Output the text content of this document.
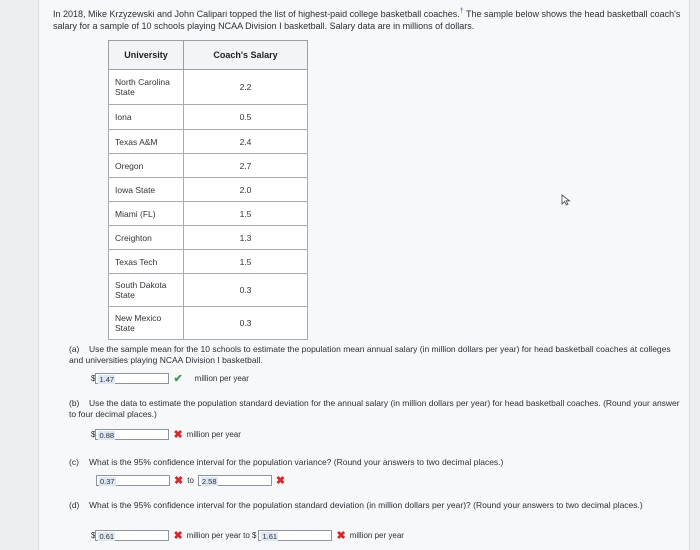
In 2018, Mike Krzyzewski and John Calipari topped the list of highest-paid college basketball coaches.† The sample below shows the head basketball coach's salary for a sample of 10 schools playing NCAA Division I basketball. Salary data are in millions of dollars.
University	Coach's Salary
North Carolina State	2.2
Iona	0.5
Texas A&M	2.4
Oregon	2.7
Iowa State	2.0
Miami (FL)	1.5
Creighton	1.3
Texas Tech	1.5
South Dakota State	0.3
New Mexico State	0.3
(a) Use the sample mean for the 10 schools to estimate the population mean annual salary (in million dollars per year) for head basketball coaches at colleges and universities playing NCAA Division I basketball.
$ 1.47	✔ million per year
(b) Use the data to estimate the population standard deviation for the annual salary (in million dollars per year) for head basketball coaches. (Round your answer to four decimal places.)
$ 0.88	✖ million per year
(c) What is the 95% confidence interval for the population variance? (Round your answers to two decimal places.)
0.37	✖ to	2.58	✖
(d) What is the 95% confidence interval for the population standard deviation (in million dollars per year)? (Round your answers to two decimal places.)
$ 0.61	✖ million per year to $ 1.61	✖ million per year
